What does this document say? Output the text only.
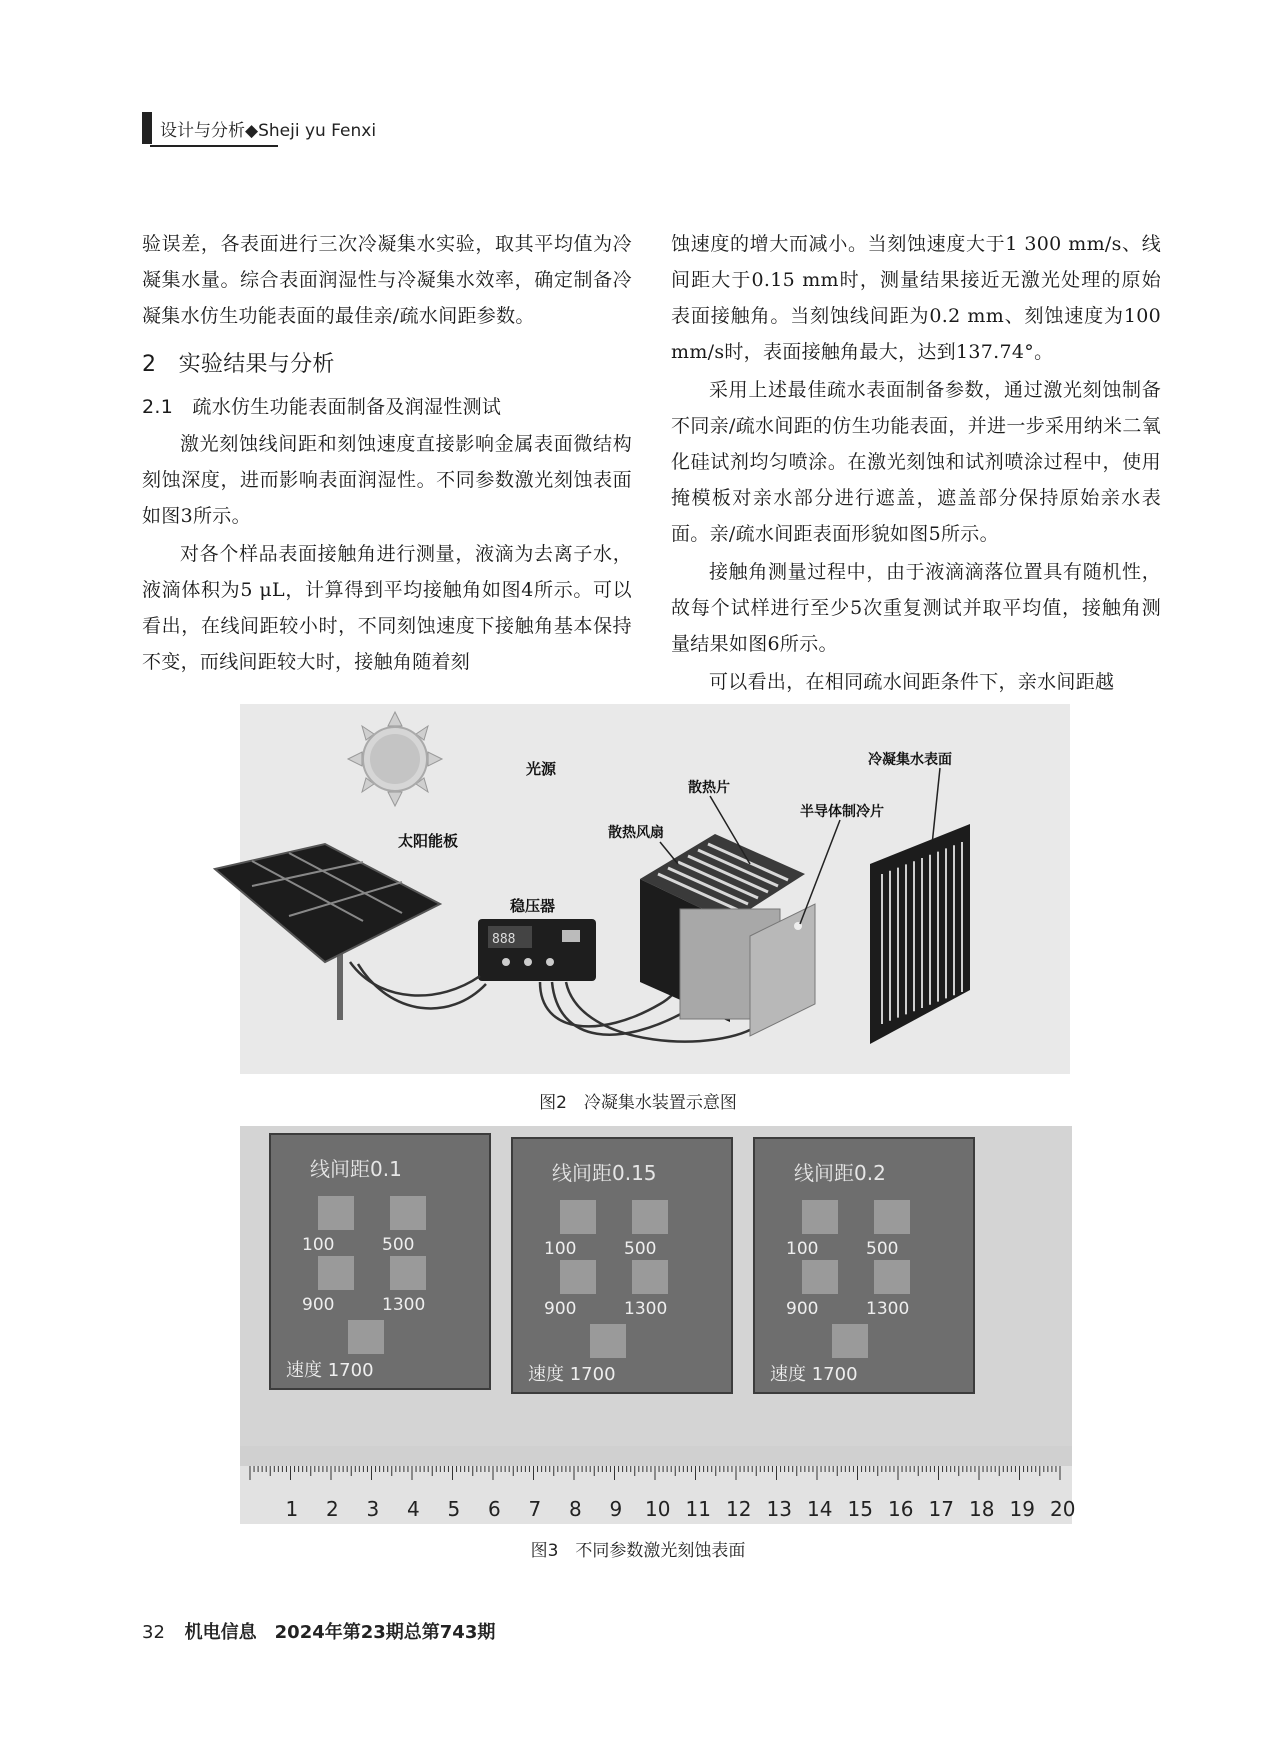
设计与分析◆Sheji yu Fenxi

验误差，各表面进行三次冷凝集水实验，取其平均值为冷凝集水量。综合表面润湿性与冷凝集水效率，确定制备冷凝集水仿生功能表面的最佳亲/疏水间距参数。

2　实验结果与分析
2.1　疏水仿生功能表面制备及润湿性测试

激光刻蚀线间距和刻蚀速度直接影响金属表面微结构刻蚀深度，进而影响表面润湿性。不同参数激光刻蚀表面如图3所示。

对各个样品表面接触角进行测量，液滴为去离子水，液滴体积为5 μL，计算得到平均接触角如图4所示。可以看出，在线间距较小时，不同刻蚀速度下接触角基本保持不变，而线间距较大时，接触角随着刻

蚀速度的增大而减小。当刻蚀速度大于1 300 mm/s、线间距大于0.15 mm时，测量结果接近无激光处理的原始表面接触角。当刻蚀线间距为0.2 mm、刻蚀速度为100 mm/s时，表面接触角最大，达到137.74°。

采用上述最佳疏水表面制备参数，通过激光刻蚀制备不同亲/疏水间距的仿生功能表面，并进一步采用纳米二氧化硅试剂均匀喷涂。在激光刻蚀和试剂喷涂过程中，使用掩模板对亲水部分进行遮盖，遮盖部分保持原始亲水表面。亲/疏水间距表面形貌如图5所示。

接触角测量过程中，由于液滴滴落位置具有随机性，故每个试样进行至少5次重复测试并取平均值，接触角测量结果如图6所示。

可以看出，在相同疏水间距条件下，亲水间距越

光源
太阳能板
888
稳压器
散热风扇
散热片
半导体制冷片
冷凝集水表面
图2　冷凝集水装置示意图
线间距0.1
100	500
900	1300
速度 1700
线间距0.15
100	500
900	1300
速度 1700
线间距0.2
100	500
900	1300
速度 1700
1 2 3 4 5 6 7 8 9 10 11 12 13 14 15 16 17 18 19 20
图3　不同参数激光刻蚀表面
32 机电信息　2024年第23期总第743期
